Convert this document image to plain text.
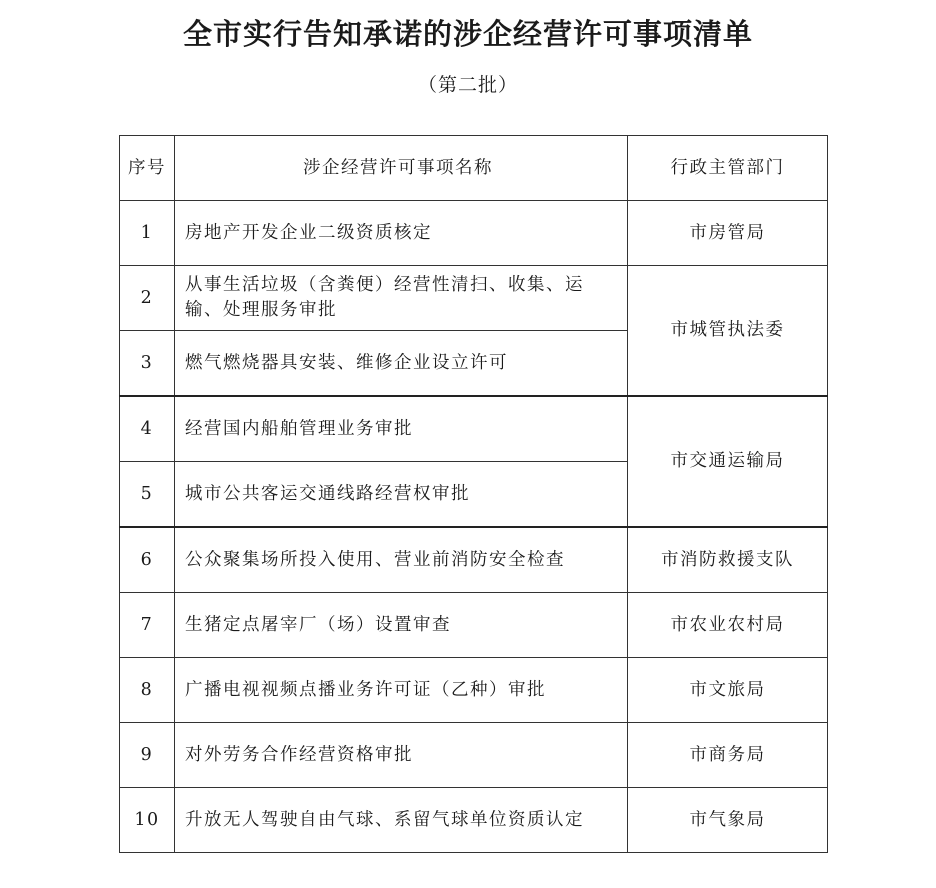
全市实行告知承诺的涉企经营许可事项清单
（第二批）
序号	涉企经营许可事项名称	行政主管部门
1	房地产开发企业二级资质核定	市房管局
2	从事生活垃圾（含粪便）经营性清扫、收集、运输、处理服务审批	市城管执法委
3	燃气燃烧器具安装、维修企业设立许可	
4	经营国内船舶管理业务审批	市交通运输局
5	城市公共客运交通线路经营权审批	
6	公众聚集场所投入使用、营业前消防安全检查	市消防救援支队
7	生猪定点屠宰厂（场）设置审查	市农业农村局
8	广播电视视频点播业务许可证（乙种）审批	市文旅局
9	对外劳务合作经营资格审批	市商务局
10	升放无人驾驶自由气球、系留气球单位资质认定	市气象局
